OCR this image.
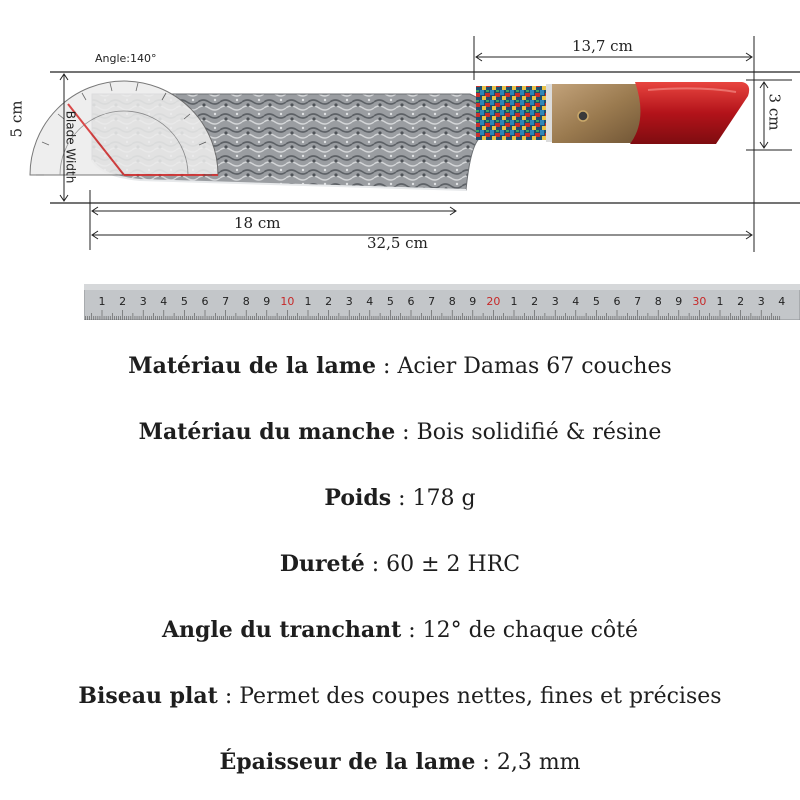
Angle:140°
Blade Width
5 cm
13,7 cm
3 cm
18 cm
32,5 cm
1 2 3 4 5 6 7 8 9 10 1 2 3 4 5 6 7 8 9 20 1 2 3 4 5 6 7 8 9 30 1 2 3 4
Matériau de la lame : Acier Damas 67 couches
Matériau du manche : Bois solidifié & résine
Poids : 178 g
Dureté : 60 ± 2 HRC
Angle du tranchant : 12° de chaque côté
Biseau plat : Permet des coupes nettes, fines et précises
Épaisseur de la lame : 2,3 mm
